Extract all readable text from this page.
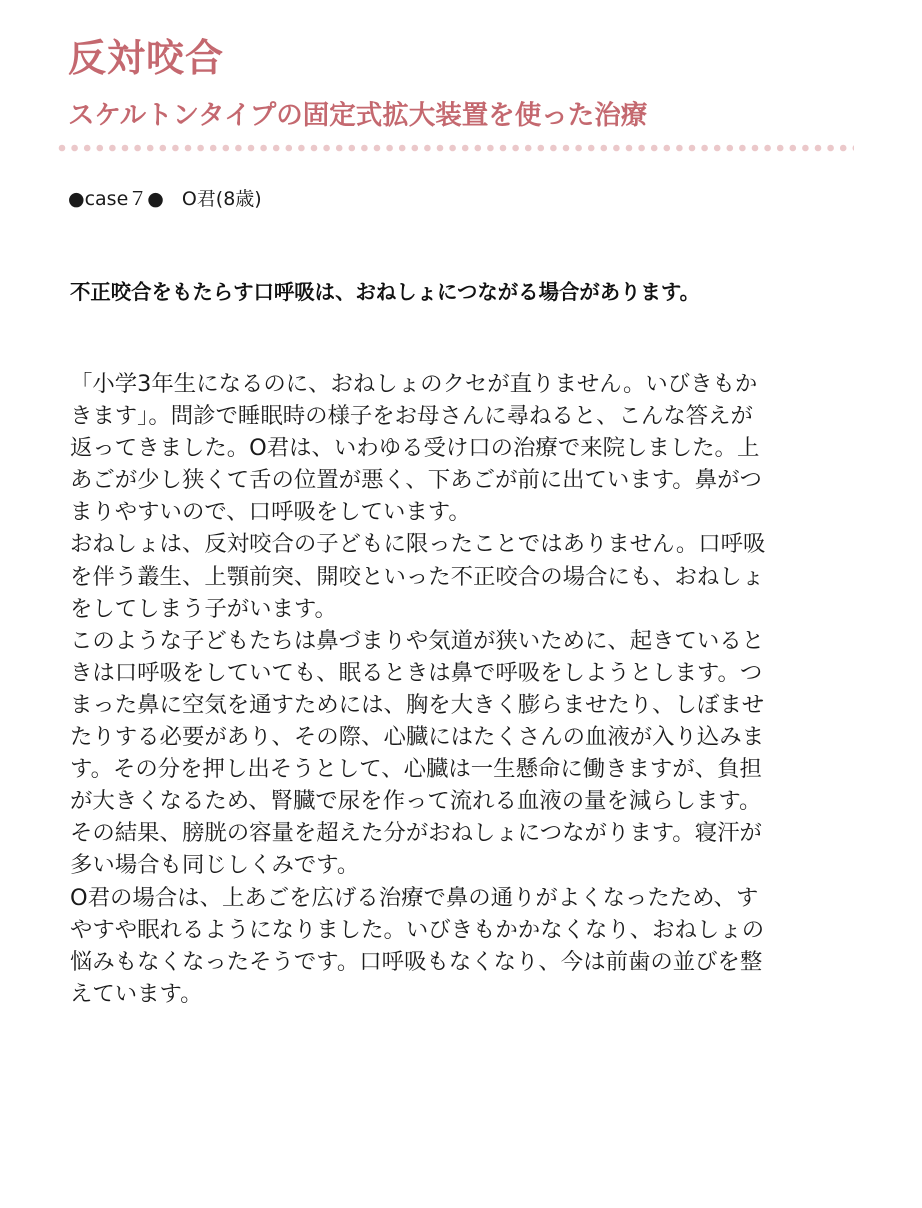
反対咬合
スケルトンタイプの固定式拡大装置を使った治療
●case７● O君(8歳)

不正咬合をもたらす口呼吸は、おねしょにつながる場合があります。

「小学3年生になるのに、おねしょのクセが直りません。いびきもか
きます」。問診で睡眠時の様子をお母さんに尋ねると、こんな答えが
返ってきました。O君は、いわゆる受け口の治療で来院しました。上
あごが少し狭くて舌の位置が悪く、下あごが前に出ています。鼻がつ
まりやすいので、口呼吸をしています。
おねしょは、反対咬合の子どもに限ったことではありません。口呼吸
を伴う叢生、上顎前突、開咬といった不正咬合の場合にも、おねしょ
をしてしまう子がいます。
このような子どもたちは鼻づまりや気道が狭いために、起きていると
きは口呼吸をしていても、眠るときは鼻で呼吸をしようとします。つ
まった鼻に空気を通すためには、胸を大きく膨らませたり、しぼませ
たりする必要があり、その際、心臓にはたくさんの血液が入り込みま
す。その分を押し出そうとして、心臓は一生懸命に働きますが、負担
が大きくなるため、腎臓で尿を作って流れる血液の量を減らします。
その結果、膀胱の容量を超えた分がおねしょにつながります。寝汗が
多い場合も同じしくみです。
O君の場合は、上あごを広げる治療で鼻の通りがよくなったため、す
やすや眠れるようになりました。いびきもかかなくなり、おねしょの
悩みもなくなったそうです。口呼吸もなくなり、今は前歯の並びを整
えています。
